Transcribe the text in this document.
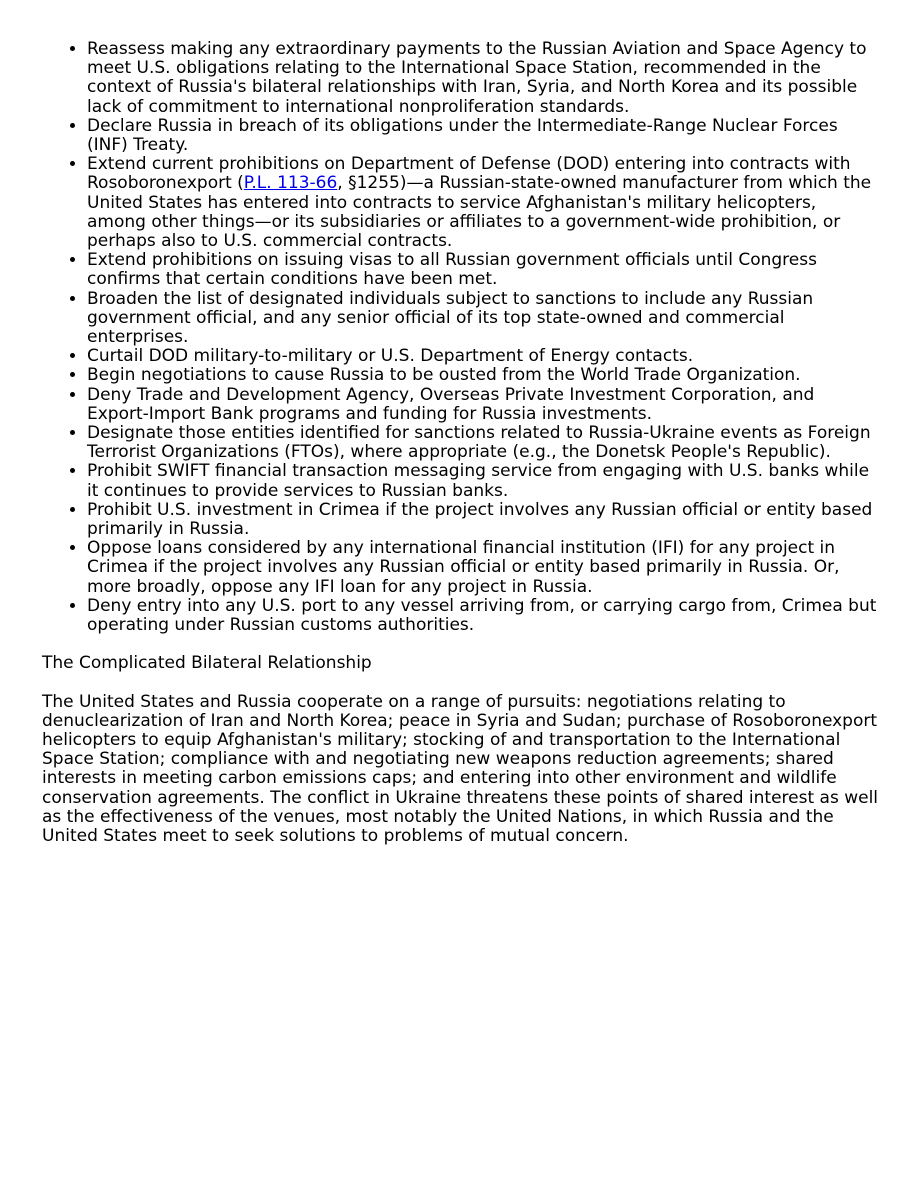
• Reassess making any extraordinary payments to the Russian Aviation and Space Agency to meet U.S. obligations relating to the International Space Station, recommended in the context of Russia's bilateral relationships with Iran, Syria, and North Korea and its possible lack of commitment to international nonproliferation standards.
• Declare Russia in breach of its obligations under the Intermediate-Range Nuclear Forces (INF) Treaty.
• Extend current prohibitions on Department of Defense (DOD) entering into contracts with Rosoboronexport (P.L. 113-66, §1255)—a Russian-state-owned manufacturer from which the United States has entered into contracts to service Afghanistan's military helicopters, among other things—or its subsidiaries or affiliates to a government-wide prohibition, or perhaps also to U.S. commercial contracts.
• Extend prohibitions on issuing visas to all Russian government officials until Congress confirms that certain conditions have been met.
• Broaden the list of designated individuals subject to sanctions to include any Russian government official, and any senior official of its top state-owned and commercial enterprises.
• Curtail DOD military-to-military or U.S. Department of Energy contacts.
• Begin negotiations to cause Russia to be ousted from the World Trade Organization.
• Deny Trade and Development Agency, Overseas Private Investment Corporation, and Export-Import Bank programs and funding for Russia investments.
• Designate those entities identified for sanctions related to Russia-Ukraine events as Foreign Terrorist Organizations (FTOs), where appropriate (e.g., the Donetsk People's Republic).
• Prohibit SWIFT financial transaction messaging service from engaging with U.S. banks while it continues to provide services to Russian banks.
• Prohibit U.S. investment in Crimea if the project involves any Russian official or entity based primarily in Russia.
• Oppose loans considered by any international financial institution (IFI) for any project in Crimea if the project involves any Russian official or entity based primarily in Russia. Or, more broadly, oppose any IFI loan for any project in Russia.
• Deny entry into any U.S. port to any vessel arriving from, or carrying cargo from, Crimea but operating under Russian customs authorities.
The Complicated Bilateral Relationship

The United States and Russia cooperate on a range of pursuits: negotiations relating to denuclearization of Iran and North Korea; peace in Syria and Sudan; purchase of Rosoboronexport helicopters to equip Afghanistan's military; stocking of and transportation to the International Space Station; compliance with and negotiating new weapons reduction agreements; shared interests in meeting carbon emissions caps; and entering into other environment and wildlife conservation agreements. The conflict in Ukraine threatens these points of shared interest as well as the effectiveness of the venues, most notably the United Nations, in which Russia and the United States meet to seek solutions to problems of mutual concern.
